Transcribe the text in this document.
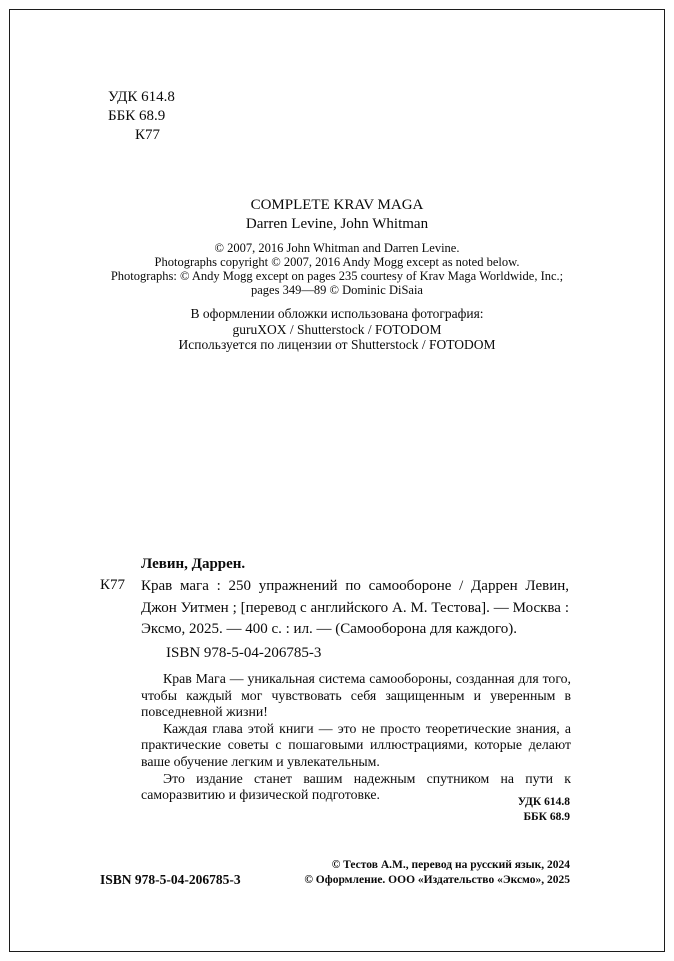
УДК 614.8
ББК 68.9
К77
COMPLETE KRAV MAGA
Darren Levine, John Whitman
© 2007, 2016 John Whitman and Darren Levine.
Photographs copyright © 2007, 2016 Andy Mogg except as noted below.
Photographs: © Andy Mogg except on pages 235 courtesy of Krav Maga Worldwide, Inc.;
pages 349—89 © Dominic DiSaia
В оформлении обложки использована фотография:
guruXOX / Shutterstock / FOTODOM
Используется по лицензии от Shutterstock / FOTODOM
Левин, Даррен.
К77 Крав мага : 250 упражнений по самообороне / Даррен Левин, Джон Уитмен ; [перевод с английского А. М. Тестова]. — Москва : Эксмо, 2025. — 400 с. : ил. — (Самооборона для каждого).
ISBN 978-5-04-206785-3

Крав Мага — уникальная система самообороны, созданная для того, чтобы каждый мог чувствовать себя защищенным и уверенным в повседневной жизни!

Каждая глава этой книги — это не просто теоретические знания, а практические советы с пошаговыми иллюстрациями, которые делают ваше обучение легким и увлекательным.

Это издание станет вашим надежным спутником на пути к саморазвитию и физической подготовке.	УДК 614.8
ББК 68.9
ISBN 978-5-04-206785-3
© Тестов А.М., перевод на русский язык, 2024
© Оформление. ООО «Издательство «Эксмо», 2025
